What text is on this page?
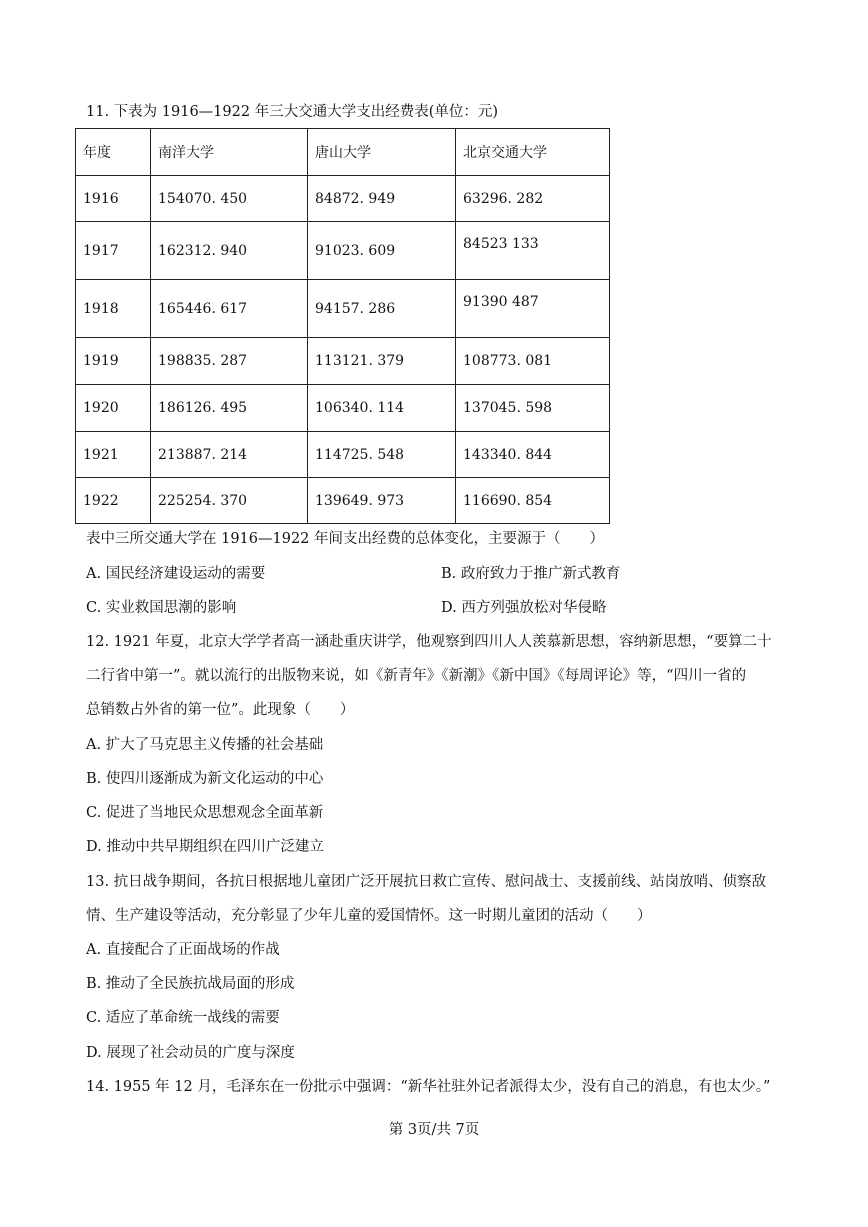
11. 下表为 1916—1922 年三大交通大学支出经费表(单位：元)
年度	南洋大学	唐山大学	北京交通大学
1916	154070. 450	84872. 949	63296. 282
1917	162312. 940	91023. 609	84523 133
1918	165446. 617	94157. 286	91390 487
1919	198835. 287	113121. 379	108773. 081
1920	186126. 495	106340. 114	137045. 598
1921	213887. 214	114725. 548	143340. 844
1922	225254. 370	139649. 973	116690. 854
表中三所交通大学在 1916—1922 年间支出经费的总体变化，主要源于（　　）
A. 国民经济建设运动的需要	B. 政府致力于推广新式教育
C. 实业救国思潮的影响	D. 西方列强放松对华侵略
12. 1921 年夏，北京大学学者高一涵赴重庆讲学，他观察到四川人人羡慕新思想，容纳新思想，“要算二十
二行省中第一”。就以流行的出版物来说，如《新青年》《新潮》《新中国》《每周评论》等，“四川一省的
总销数占外省的第一位”。此现象（　　）
A. 扩大了马克思主义传播的社会基础
B. 使四川逐渐成为新文化运动的中心
C. 促进了当地民众思想观念全面革新
D. 推动中共早期组织在四川广泛建立
13. 抗日战争期间，各抗日根据地儿童团广泛开展抗日救亡宣传、慰问战士、支援前线、站岗放哨、侦察敌
情、生产建设等活动，充分彰显了少年儿童的爱国情怀。这一时期儿童团的活动（　　）
A. 直接配合了正面战场的作战
B. 推动了全民族抗战局面的形成
C. 适应了革命统一战线的需要
D. 展现了社会动员的广度与深度
14. 1955 年 12 月，毛泽东在一份批示中强调：“新华社驻外记者派得太少，没有自己的消息，有也太少。”
第 3页/共 7页
